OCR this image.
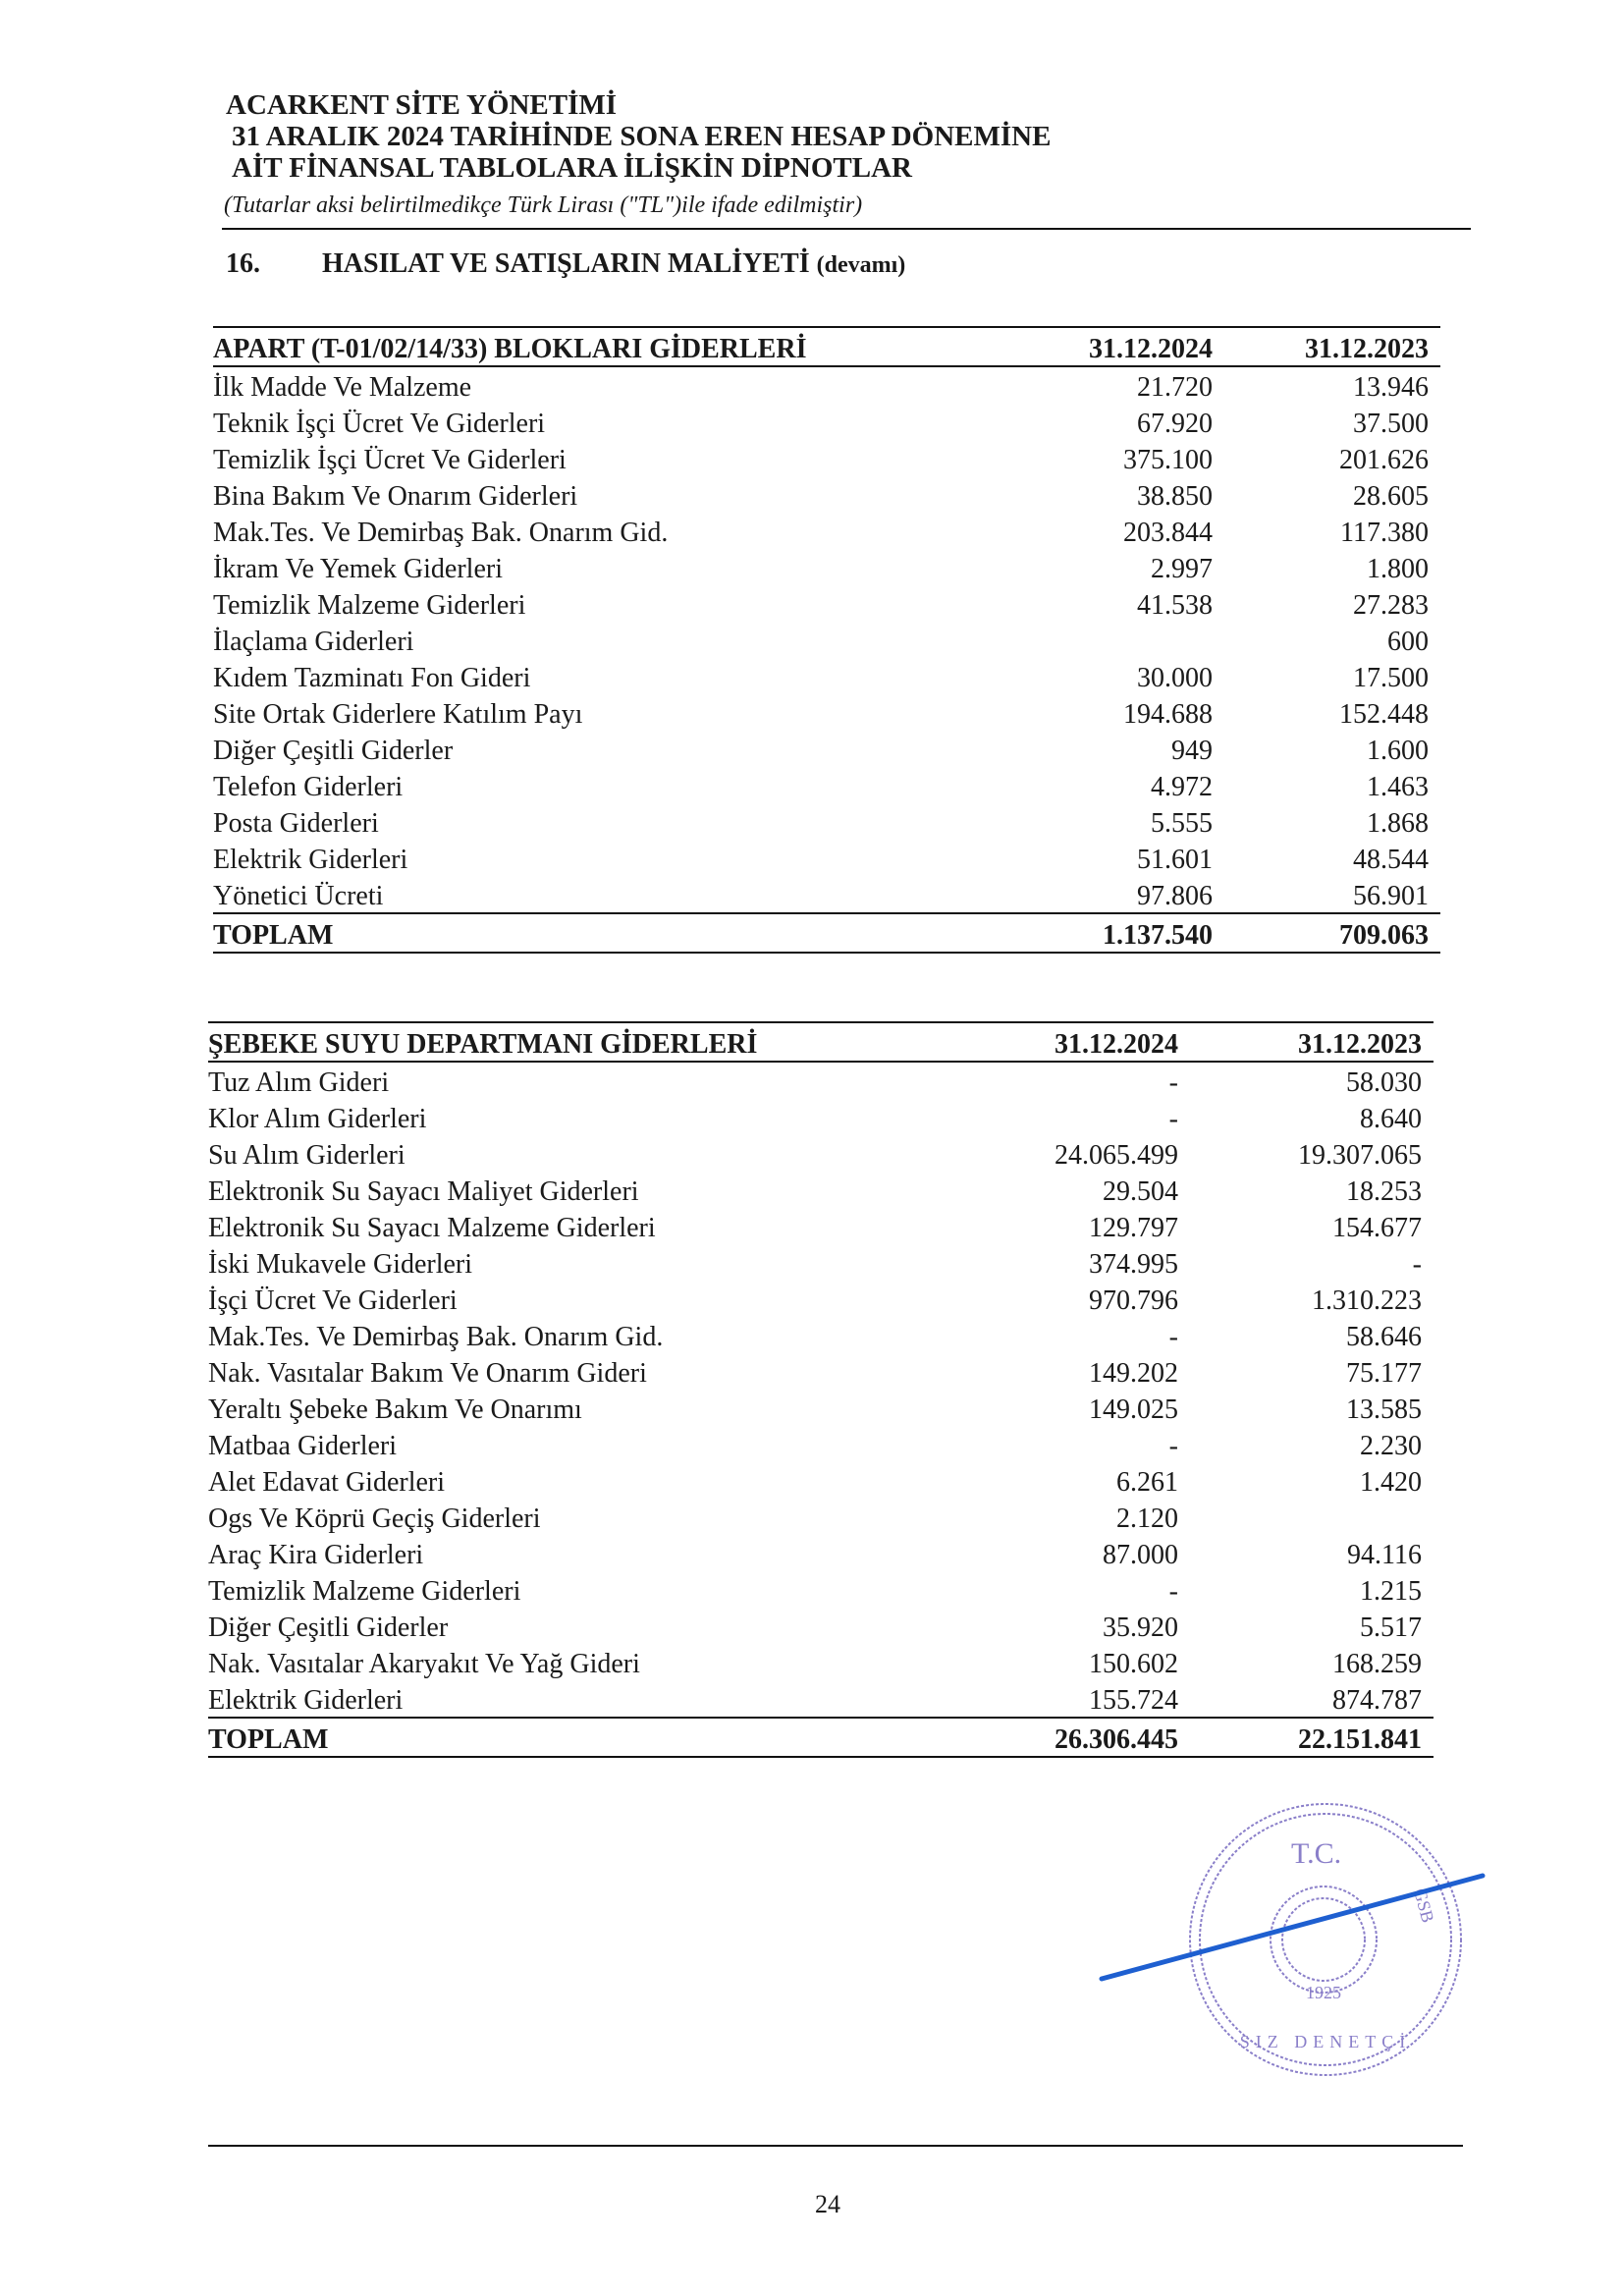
ACARKENT SİTE YÖNETİMİ
31 ARALIK 2024 TARİHİNDE SONA EREN HESAP DÖNEMİNE
AİT FİNANSAL TABLOLARA İLİŞKİN DİPNOTLAR
(Tutarlar aksi belirtilmedikçe Türk Lirası ("TL")ile ifade edilmiştir)
16. HASILAT VE SATIŞLARIN MALİYETİ (devamı)
APART (T-01/02/14/33) BLOKLARI GİDERLERİ	31.12.2024	31.12.2023	
İlk Madde Ve Malzeme	21.720	13.946	
Teknik İşçi Ücret Ve Giderleri	67.920	37.500	
Temizlik İşçi Ücret Ve Giderleri	375.100	201.626	
Bina Bakım Ve Onarım Giderleri	38.850	28.605	
Mak.Tes. Ve Demirbaş Bak. Onarım Gid.	203.844	117.380	
İkram Ve Yemek Giderleri	2.997	1.800	
Temizlik Malzeme Giderleri	41.538	27.283	
İlaçlama Giderleri		600	
Kıdem Tazminatı Fon Gideri	30.000	17.500	
Site Ortak Giderlere Katılım Payı	194.688	152.448	
Diğer Çeşitli Giderler	949	1.600	
Telefon Giderleri	4.972	1.463	
Posta Giderleri	5.555	1.868	
Elektrik Giderleri	51.601	48.544	
Yönetici Ücreti	97.806	56.901	
TOPLAM	1.137.540	709.063	
ŞEBEKE SUYU DEPARTMANI GİDERLERİ	31.12.2024	31.12.2023	
Tuz Alım Gideri	-	58.030	
Klor Alım Giderleri	-	8.640	
Su Alım Giderleri	24.065.499	19.307.065	
Elektronik Su Sayacı Maliyet Giderleri	29.504	18.253	
Elektronik Su Sayacı Malzeme Giderleri	129.797	154.677	
İski Mukavele Giderleri	374.995	-	
İşçi Ücret Ve Giderleri	970.796	1.310.223	
Mak.Tes. Ve Demirbaş Bak. Onarım Gid.	-	58.646	
Nak. Vasıtalar Bakım Ve Onarım Gideri	149.202	75.177	
Yeraltı Şebeke Bakım Ve Onarımı	149.025	13.585	
Matbaa Giderleri	-	2.230	
Alet Edavat Giderleri	6.261	1.420	
Ogs Ve Köprü Geçiş Giderleri	2.120		
Araç Kira Giderleri	87.000	94.116	
Temizlik Malzeme Giderleri	-	1.215	
Diğer Çeşitli Giderler	35.920	5.517	
Nak. Vasıtalar Akaryakıt Ve Yağ Gideri	150.602	168.259	
Elektrik Giderleri	155.724	874.787	
TOPLAM	26.306.445	22.151.841	
T.C.
GSB
1925
SIZ DENETÇİ
24
